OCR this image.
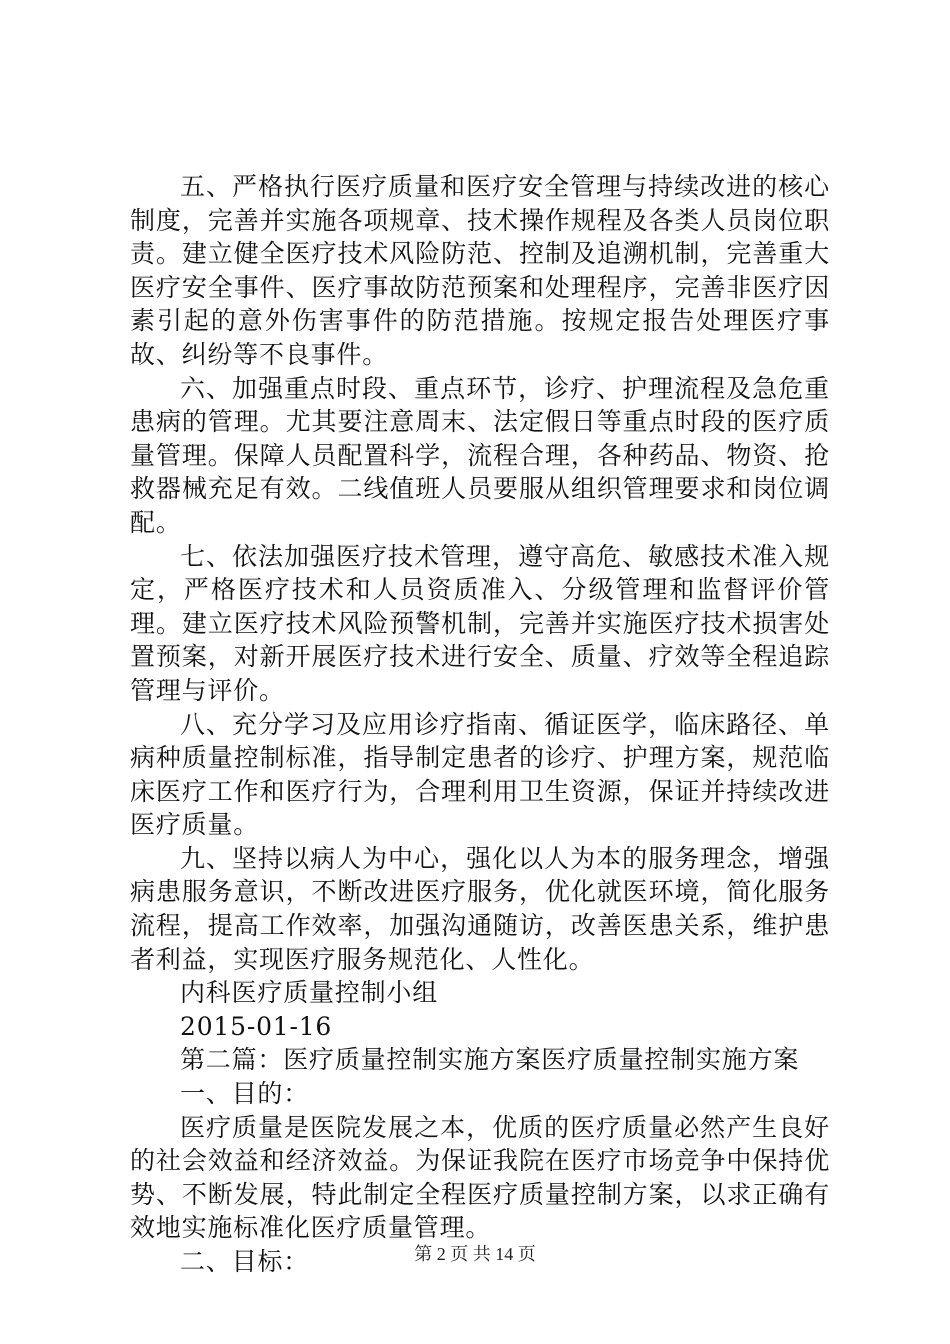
五、严格执行医疗质量和医疗安全管理与持续改进的核心制度，完善并实施各项规章、技术操作规程及各类人员岗位职责。建立健全医疗技术风险防范、控制及追溯机制，完善重大医疗安全事件、医疗事故防范预案和处理程序，完善非医疗因素引起的意外伤害事件的防范措施。按规定报告处理医疗事故、纠纷等不良事件。

六、加强重点时段、重点环节，诊疗、护理流程及急危重患病的管理。尤其要注意周末、法定假日等重点时段的医疗质量管理。保障人员配置科学，流程合理，各种药品、物资、抢救器械充足有效。二线值班人员要服从组织管理要求和岗位调配。

七、依法加强医疗技术管理，遵守高危、敏感技术准入规定，严格医疗技术和人员资质准入、分级管理和监督评价管理。建立医疗技术风险预警机制，完善并实施医疗技术损害处置预案，对新开展医疗技术进行安全、质量、疗效等全程追踪管理与评价。

八、充分学习及应用诊疗指南、循证医学，临床路径、单病种质量控制标准，指导制定患者的诊疗、护理方案，规范临床医疗工作和医疗行为，合理利用卫生资源，保证并持续改进医疗质量。

九、坚持以病人为中心，强化以人为本的服务理念，增强病患服务意识，不断改进医疗服务，优化就医环境，简化服务流程，提高工作效率，加强沟通随访，改善医患关系，维护患者利益，实现医疗服务规范化、人性化。

内科医疗质量控制小组

2015-01-16

第二篇：医疗质量控制实施方案医疗质量控制实施方案

一、目的：

医疗质量是医院发展之本，优质的医疗质量必然产生良好的社会效益和经济效益。为保证我院在医疗市场竞争中保持优势、不断发展，特此制定全程医疗质量控制方案，以求正确有效地实施标准化医疗质量管理。

二、目标：	第 2 页 共 14 页
